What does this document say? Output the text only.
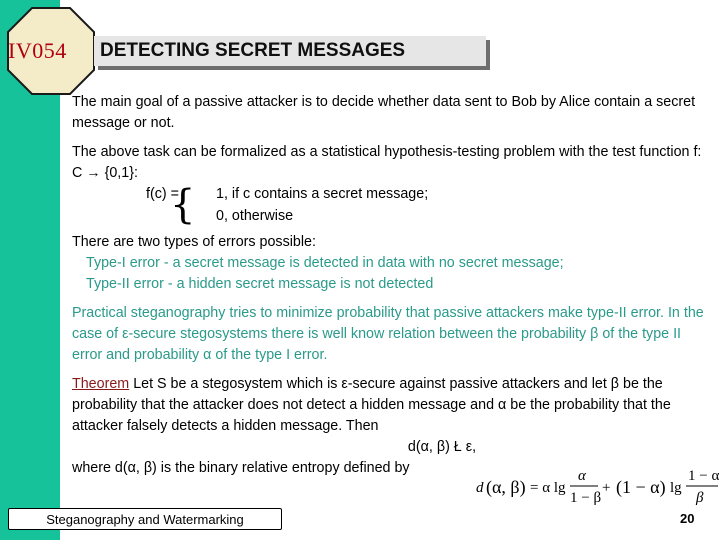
IV054	DETECTING SECRET MESSAGES

The main goal of a passive attacker is to decide whether data sent to Bob by Alice contain a secret message or not.

The above task can be formalized as a statistical hypothesis-testing problem with the test function f: C → {0,1}:

f(c) =
{ 1, if c contains a secret message;
0, otherwise

There are two types of errors possible:

Type-I error - a secret message is detected in data with no secret message;

Type-II error - a hidden secret message is not detected

Practical steganography tries to minimize probability that passive attackers make type-II error. In the case of ε-secure stegosystems there is well know relation between the probability β of the type II error and probability α of the type I error.

Theorem Let S be a stegosystem which is ε-secure against passive attackers and let β be the probability that the attacker does not detect a hidden message and α be the probability that the attacker falsely detects a hidden message. Then

d(α, β) Ł ε,

where d(α, β) is the binary relative entropy defined by

d (α, β) = α lg
α
1 − β
+ (1 − α) lg
1 − α
β
Steganography and Watermarking	20
